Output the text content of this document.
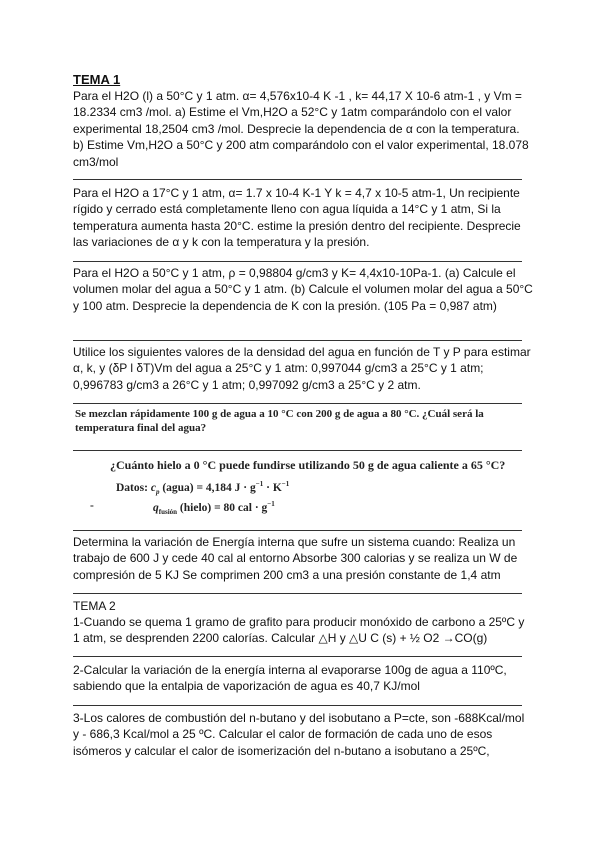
TEMA 1
Para el H2O (l) a 50°C y 1 atm. α= 4,576x10-4 K -1 , k= 44,17 X 10-6 atm-1 , y Vm = 18.2334 cm3 /mol. a) Estime el Vm,H2O a 52°C y 1atm comparándolo con el valor experimental 18,2504 cm3 /mol. Desprecie la dependencia de α con la temperatura. b) Estime Vm,H2O a 50°C y 200 atm comparándolo con el valor experimental, 18.078 cm3/mol
Para el H2O a 17°C y 1 atm, α= 1.7 x 10-4 K-1 Y k = 4,7 x 10-5 atm-1, Un recipiente rígido y cerrado está completamente lleno con agua líquida a 14°C y 1 atm, Si la temperatura aumenta hasta 20°C. estime la presión dentro del recipiente. Desprecie las variaciones de α y k con la temperatura y la presión.
Para el H2O a 50°C y 1 atm, ρ = 0,98804 g/cm3 y K= 4,4x10-10Pa-1. (a) Calcule el volumen molar del agua a 50°C y 1 atm. (b) Calcule el volumen molar del agua a 50°C y 100 atm. Desprecie la dependencia de K con la presión. (105 Pa = 0,987 atm)
Utilice los siguientes valores de la densidad del agua en función de T y P para estimar α, k, y (δP l δT)Vm del agua a 25°C y 1 atm: 0,997044 g/cm3 a 25°C y 1 atm; 0,996783 g/cm3 a 26°C y 1 atm; 0,997092 g/cm3 a 25°C y 2 atm.
Se mezclan rápidamente 100 g de agua a 10 °C con 200 g de agua a 80 °C. ¿Cuál será la temperatura final del agua?
¿Cuánto hielo a 0 °C puede fundirse utilizando 50 g de agua caliente a 65 °C?
Datos: $c_p$ (agua) = 4,184 $J \cdot g^{-1} \cdot K^{-1}$
-	$q_{fusión}$ (hielo) = 80 cal · $g^{-1}$
Determina la variación de Energía interna que sufre un sistema cuando: Realiza un trabajo de 600 J y cede 40 cal al entorno Absorbe 300 calorias y se realiza un W de compresión de 5 KJ Se comprimen 200 cm3 a una presión constante de 1,4 atm
TEMA 2
1-Cuando se quema 1 gramo de grafito para producir monóxido de carbono a 25ºC y 1 atm, se desprenden 2200 calorías. Calcular △H y △U C (s) + ½ O2 →CO(g)
2-Calcular la variación de la energía interna al evaporarse 100g de agua a 110ºC, sabiendo que la entalpia de vaporización de agua es 40,7 KJ/mol
3-Los calores de combustión del n-butano y del isobutano a P=cte, son -688Kcal/mol y - 686,3 Kcal/mol a 25 ºC. Calcular el calor de formación de cada uno de esos isómeros y calcular el calor de isomerización del n-butano a isobutano a 25ºC,
